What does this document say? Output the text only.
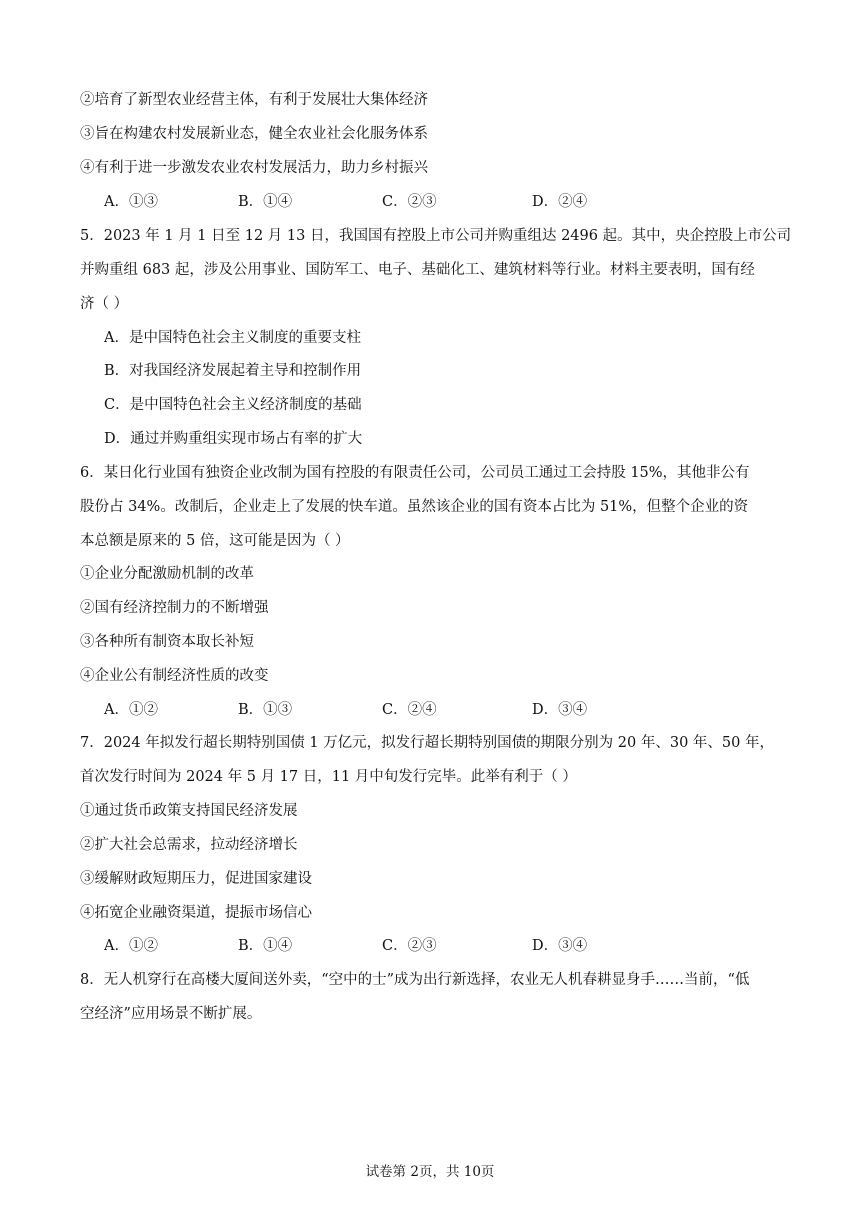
②培育了新型农业经营主体，有利于发展壮大集体经济
③旨在构建农村发展新业态，健全农业社会化服务体系
④有利于进一步激发农业农村发展活力，助力乡村振兴
A．①③	B．①④	C．②③	D．②④
5．2023 年 1 月 1 日至 12 月 13 日，我国国有控股上市公司并购重组达 2496 起。其中，央企控股上市公司
并购重组 683 起，涉及公用事业、国防军工、电子、基础化工、建筑材料等行业。材料主要表明，国有经
济（ ）
A．是中国特色社会主义制度的重要支柱
B．对我国经济发展起着主导和控制作用
C．是中国特色社会主义经济制度的基础
D．通过并购重组实现市场占有率的扩大
6．某日化行业国有独资企业改制为国有控股的有限责任公司，公司员工通过工会持股 15%，其他非公有
股份占 34%。改制后，企业走上了发展的快车道。虽然该企业的国有资本占比为 51%，但整个企业的资
本总额是原来的 5 倍，这可能是因为（ ）
①企业分配激励机制的改革
②国有经济控制力的不断增强
③各种所有制资本取长补短
④企业公有制经济性质的改变
A．①②	B．①③	C．②④	D．③④
7．2024 年拟发行超长期特别国债 1 万亿元，拟发行超长期特别国债的期限分别为 20 年、30 年、50 年，
首次发行时间为 2024 年 5 月 17 日，11 月中旬发行完毕。此举有利于（ ）
①通过货币政策支持国民经济发展
②扩大社会总需求，拉动经济增长
③缓解财政短期压力，促进国家建设
④拓宽企业融资渠道，提振市场信心
A．①②	B．①④	C．②③	D．③④
8．无人机穿行在高楼大厦间送外卖，“空中的士”成为出行新选择，农业无人机春耕显身手……当前，“低
空经济”应用场景不断扩展。
试卷第 2页，共 10页
